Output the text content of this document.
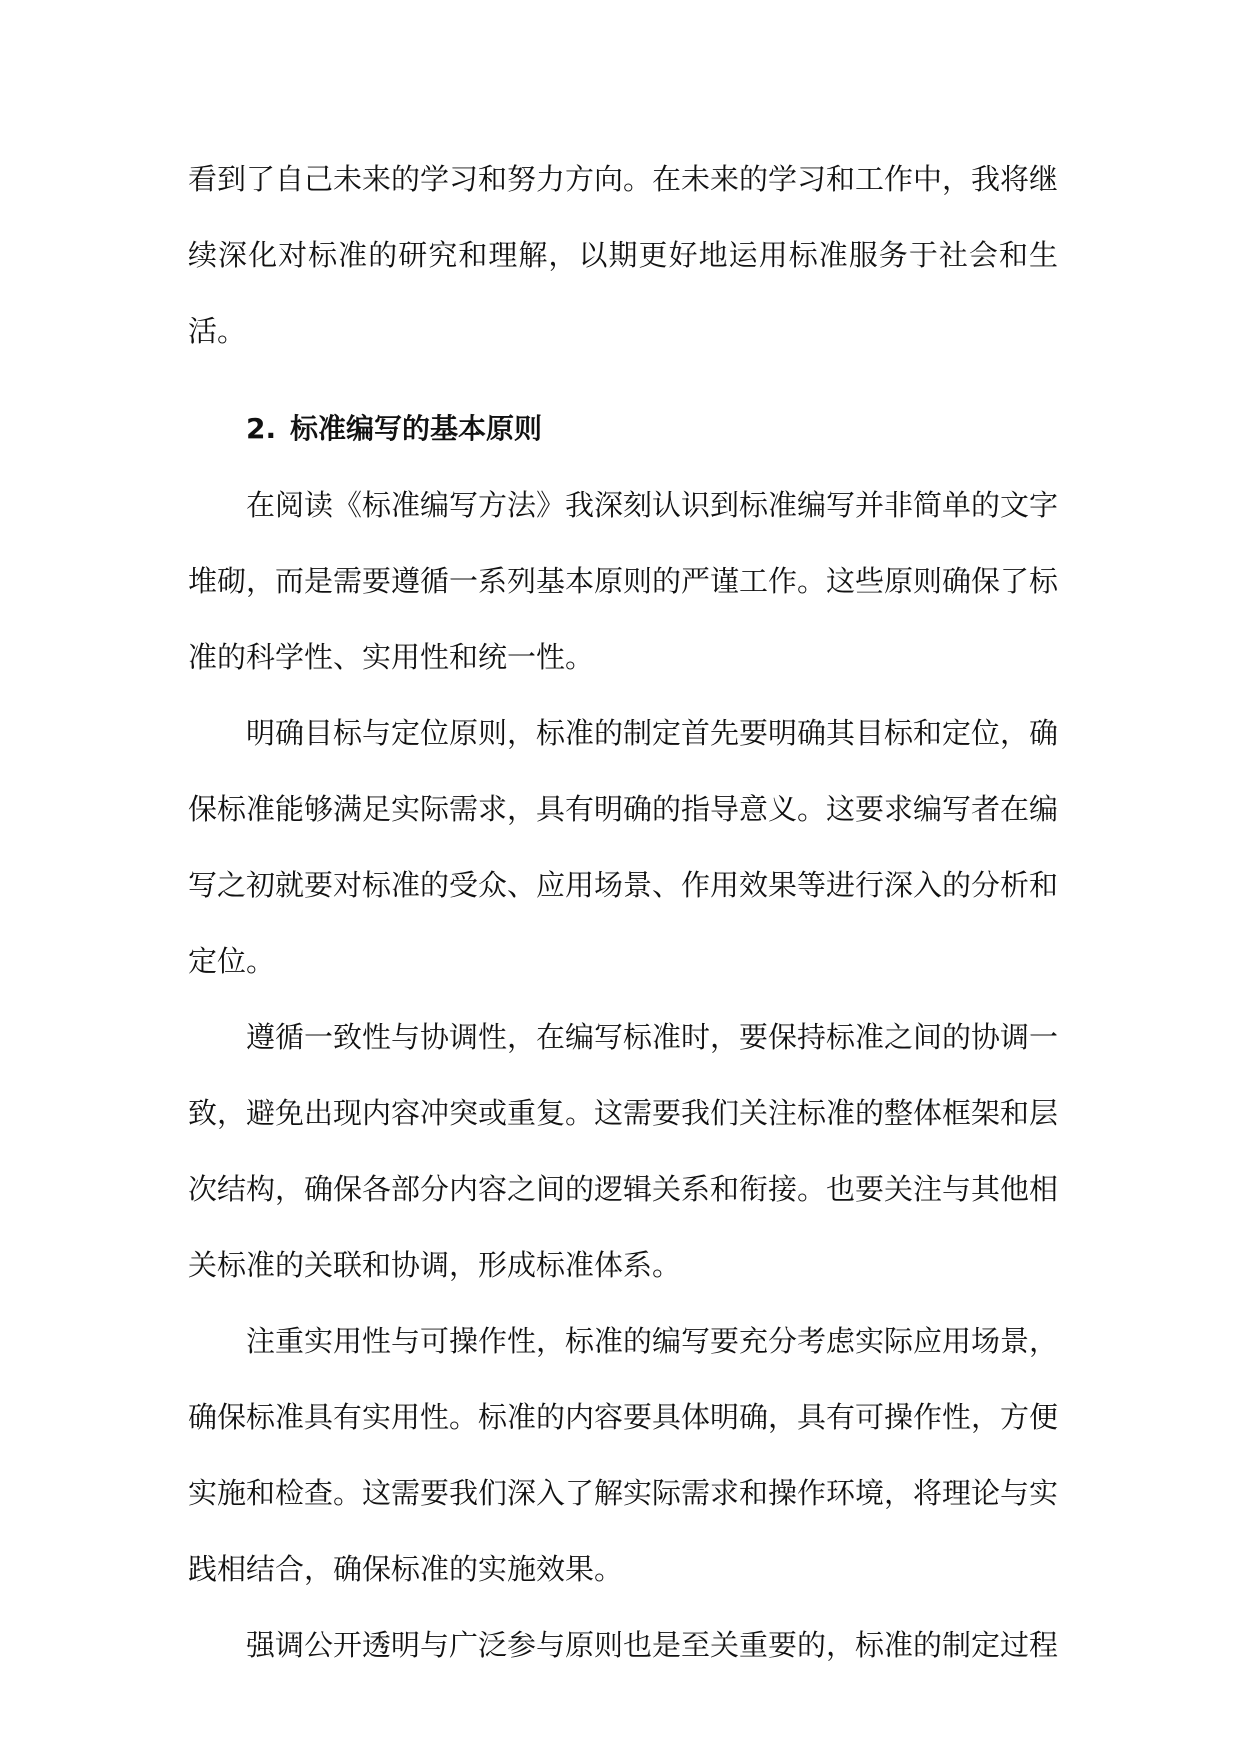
看到了自己未来的学习和努力方向。在未来的学习和工作中，我将继续深化对标准的研究和理解，以期更好地运用标准服务于社会和生活。

2. 标准编写的基本原则

在阅读《标准编写方法》我深刻认识到标准编写并非简单的文字堆砌，而是需要遵循一系列基本原则的严谨工作。这些原则确保了标准的科学性、实用性和统一性。

明确目标与定位原则，标准的制定首先要明确其目标和定位，确保标准能够满足实际需求，具有明确的指导意义。这要求编写者在编写之初就要对标准的受众、应用场景、作用效果等进行深入的分析和定位。

遵循一致性与协调性，在编写标准时，要保持标准之间的协调一致，避免出现内容冲突或重复。这需要我们关注标准的整体框架和层次结构，确保各部分内容之间的逻辑关系和衔接。也要关注与其他相关标准的关联和协调，形成标准体系。

注重实用性与可操作性，标准的编写要充分考虑实际应用场景，确保标准具有实用性。标准的内容要具体明确，具有可操作性，方便实施和检查。这需要我们深入了解实际需求和操作环境，将理论与实践相结合，确保标准的实施效果。

强调公开透明与广泛参与原则也是至关重要的，标准的制定过程
